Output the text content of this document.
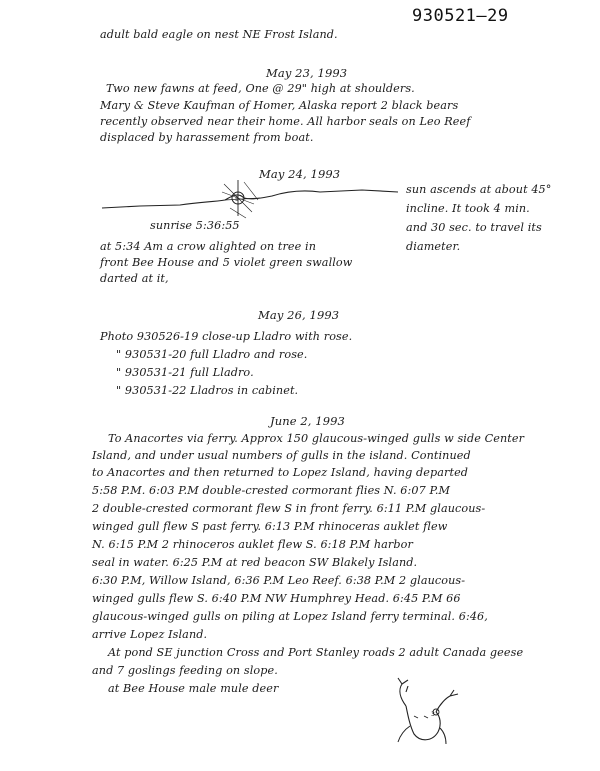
930521—29
adult bald eagle on nest NE Frost Island.
May 23, 1993
Two new fawns at feed, One @ 29" high at shoulders.
Mary & Steve Kaufman of Homer, Alaska report 2 black bears
recently observed near their home. All harbor seals on Leo Reef
displaced by harassement from boat.
May 24, 1993
5
sunrise 5:36:55
sun ascends at about 45°
incline. It took 4 min.
and 30 sec. to travel its
diameter.
at 5:34 Am a crow alighted on tree in
front Bee House and 5 violet green swallow
darted at it,
May 26, 1993
Photo 930526-19 close-up Lladro with rose.
" 930531-20 full Lladro and rose.
" 930531-21 full Lladro.
" 930531-22 Lladros in cabinet.
June 2, 1993
To Anacortes via ferry. Approx 150 glaucous-winged gulls w side Center
Island, and under usual numbers of gulls in the island. Continued
to Anacortes and then returned to Lopez Island, having departed
5:58 P.M. 6:03 P.M double-crested cormorant flies N. 6:07 P.M
2 double-crested cormorant flew S in front ferry. 6:11 P.M glaucous-
winged gull flew S past ferry. 6:13 P.M rhinoceras auklet flew
N. 6:15 P.M 2 rhinoceros auklet flew S. 6:18 P.M harbor
seal in water. 6:25 P.M at red beacon SW Blakely Island.
6:30 P.M, Willow Island, 6:36 P.M Leo Reef. 6:38 P.M 2 glaucous-
winged gulls flew S. 6:40 P.M NW Humphrey Head. 6:45 P.M 66
glaucous-winged gulls on piling at Lopez Island ferry terminal. 6:46,
arrive Lopez Island.
At pond SE junction Cross and Port Stanley roads 2 adult Canada geese
and 7 goslings feeding on slope.
at Bee House male mule deer
3
